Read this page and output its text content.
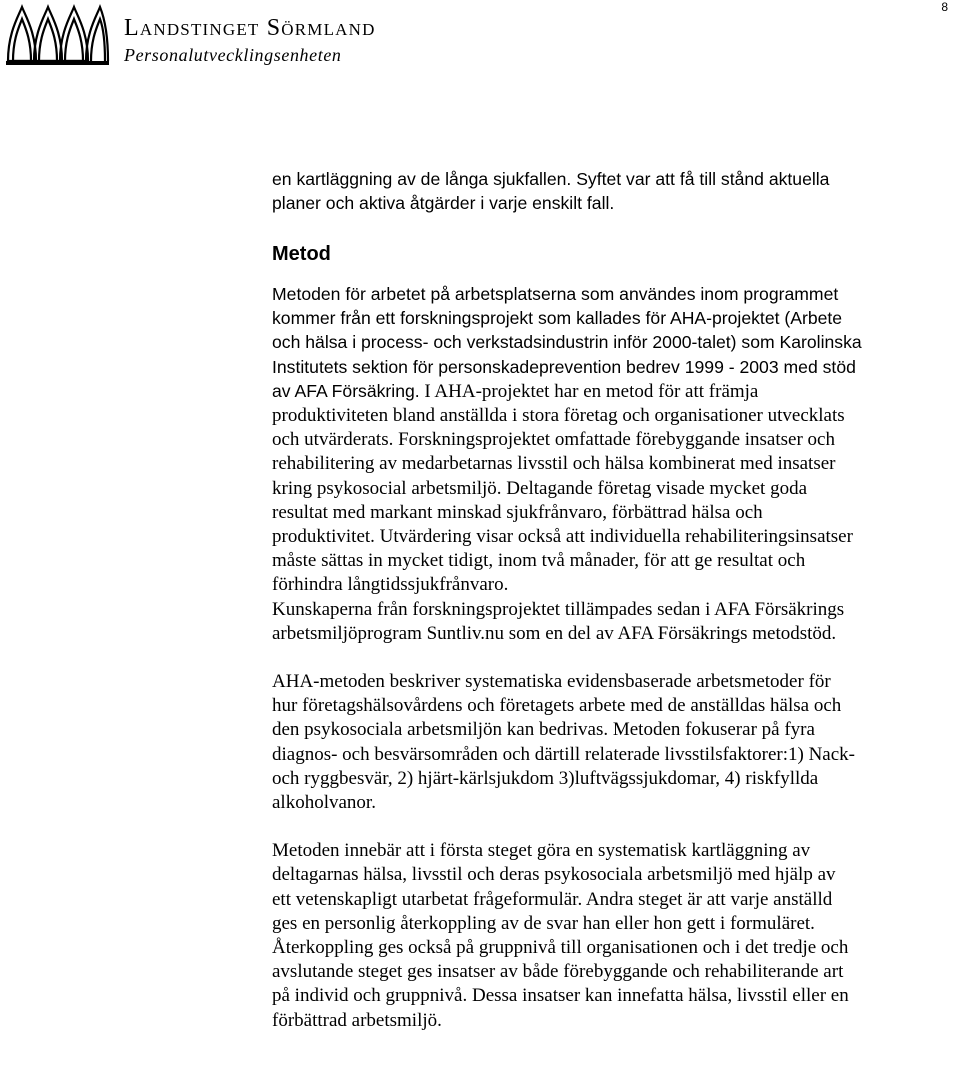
Landstinget Sörmland
Personalutvecklingsenheten
8
en kartläggning av de långa sjukfallen. Syftet var att få till stånd aktuella
planer och aktiva åtgärder i varje enskilt fall.
Metod
Metoden för arbetet på arbetsplatserna som användes inom programmet
kommer från ett forskningsprojekt som kallades för AHA-projektet (Arbete
och hälsa i process- och verkstadsindustrin inför 2000-talet) som Karolinska
Institutets sektion för personskadeprevention bedrev 1999 - 2003 med stöd
av AFA Försäkring. I AHA-projektet har en metod för att främja
produktiviteten bland anställda i stora företag och organisationer utvecklats
och utvärderats. Forskningsprojektet omfattade förebyggande insatser och
rehabilitering av medarbetarnas livsstil och hälsa kombinerat med insatser
kring psykosocial arbetsmiljö. Deltagande företag visade mycket goda
resultat med markant minskad sjukfrånvaro, förbättrad hälsa och
produktivitet. Utvärdering visar också att individuella rehabiliteringsinsatser
måste sättas in mycket tidigt, inom två månader, för att ge resultat och
förhindra långtidssjukfrånvaro.
Kunskaperna från forskningsprojektet tillämpades sedan i AFA Försäkrings
arbetsmiljöprogram Suntliv.nu som en del av AFA Försäkrings metodstöd.
AHA-metoden beskriver systematiska evidensbaserade arbetsmetoder för
hur företagshälsovårdens och företagets arbete med de anställdas hälsa och
den psykosociala arbetsmiljön kan bedrivas. Metoden fokuserar på fyra
diagnos- och besvärsområden och därtill relaterade livsstilsfaktorer:1) Nack-
och ryggbesvär, 2) hjärt-kärlsjukdom 3)luftvägssjukdomar, 4) riskfyllda
alkoholvanor.
Metoden innebär att i första steget göra en systematisk kartläggning av
deltagarnas hälsa, livsstil och deras psykosociala arbetsmiljö med hjälp av
ett vetenskapligt utarbetat frågeformulär. Andra steget är att varje anställd
ges en personlig återkoppling av de svar han eller hon gett i formuläret.
Återkoppling ges också på gruppnivå till organisationen och i det tredje och
avslutande steget ges insatser av både förebyggande och rehabiliterande art
på individ och gruppnivå. Dessa insatser kan innefatta hälsa, livsstil eller en
förbättrad arbetsmiljö.
